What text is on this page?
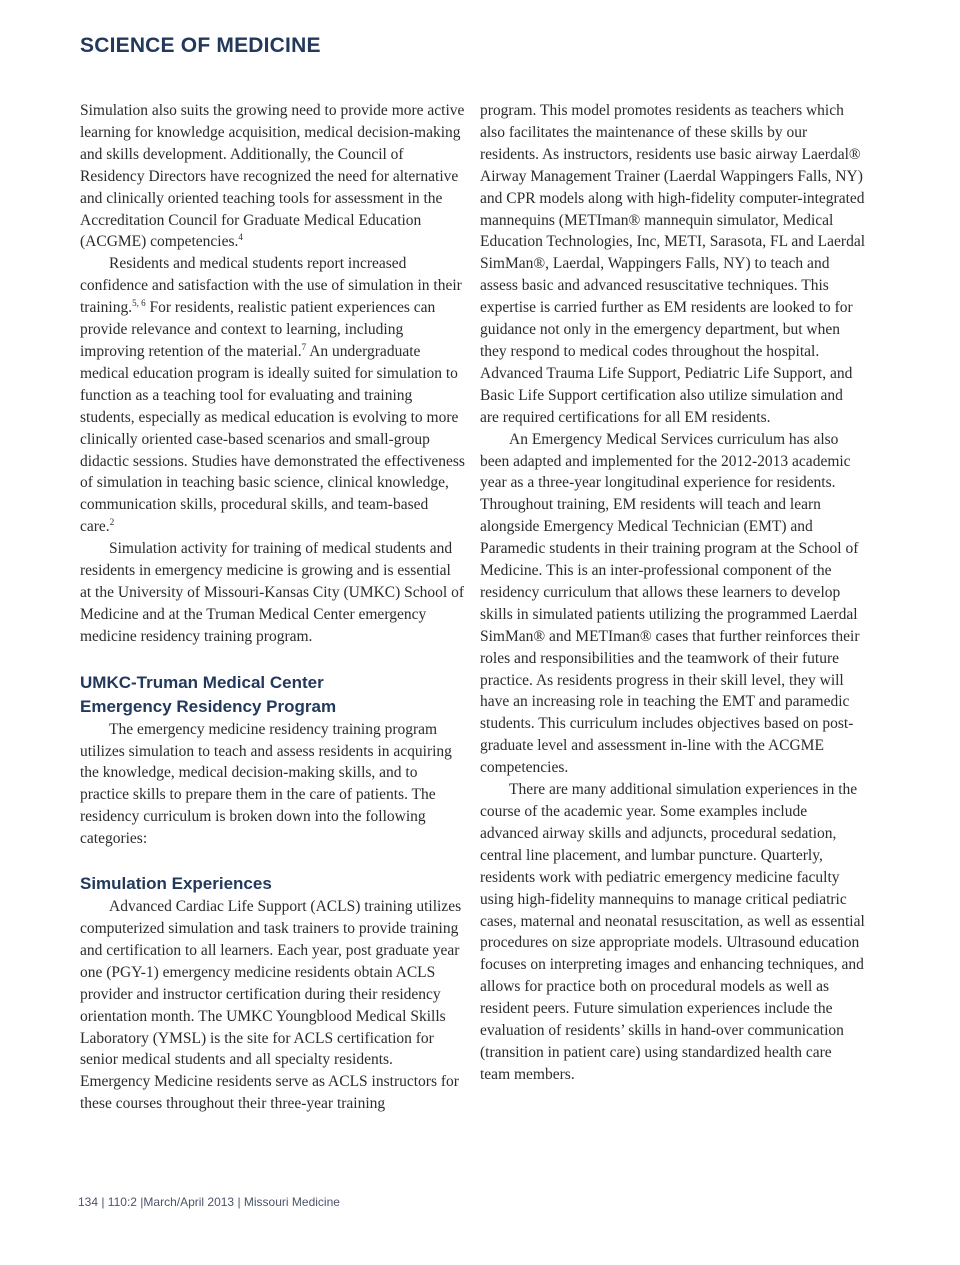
SCIENCE OF MEDICINE

Simulation also suits the growing need to provide more active learning for knowledge acquisition, medical decision-making and skills development. Additionally, the Council of Residency Directors have recognized the need for alternative and clinically oriented teaching tools for assessment in the Accreditation Council for Graduate Medical Education (ACGME) competencies.$^4$

Residents and medical students report increased confidence and satisfaction with the use of simulation in their training.$^{5, 6}$ For residents, realistic patient experiences can provide relevance and context to learning, including improving retention of the material.$^7$ An undergraduate medical education program is ideally suited for simulation to function as a teaching tool for evaluating and training students, especially as medical education is evolving to more clinically oriented case-based scenarios and small-group didactic sessions. Studies have demonstrated the effectiveness of simulation in teaching basic science, clinical knowledge, communication skills, procedural skills, and team-based care.$^2$

Simulation activity for training of medical students and residents in emergency medicine is growing and is essential at the University of Missouri-Kansas City (UMKC) School of Medicine and at the Truman Medical Center emergency medicine residency training program.

UMKC-Truman Medical Center
Emergency Residency Program

The emergency medicine residency training program utilizes simulation to teach and assess residents in acquiring the knowledge, medical decision-making skills, and to practice skills to prepare them in the care of patients. The residency curriculum is broken down into the following categories:

Simulation Experiences

Advanced Cardiac Life Support (ACLS) training utilizes computerized simulation and task trainers to provide training and certification to all learners. Each year, post graduate year one (PGY-1) emergency medicine residents obtain ACLS provider and instructor certification during their residency orientation month. The UMKC Youngblood Medical Skills Laboratory (YMSL) is the site for ACLS certification for senior medical students and all specialty residents. Emergency Medicine residents serve as ACLS instructors for these courses throughout their three-year training

program. This model promotes residents as teachers which also facilitates the maintenance of these skills by our residents. As instructors, residents use basic airway Laerdal® Airway Management Trainer (Laerdal Wappingers Falls, NY) and CPR models along with high-fidelity computer-integrated mannequins (METIman® mannequin simulator, Medical Education Technologies, Inc, METI, Sarasota, FL and Laerdal SimMan®, Laerdal, Wappingers Falls, NY) to teach and assess basic and advanced resuscitative techniques. This expertise is carried further as EM residents are looked to for guidance not only in the emergency department, but when they respond to medical codes throughout the hospital. Advanced Trauma Life Support, Pediatric Life Support, and Basic Life Support certification also utilize simulation and are required certifications for all EM residents.

An Emergency Medical Services curriculum has also been adapted and implemented for the 2012-2013 academic year as a three-year longitudinal experience for residents. Throughout training, EM residents will teach and learn alongside Emergency Medical Technician (EMT) and Paramedic students in their training program at the School of Medicine. This is an inter-professional component of the residency curriculum that allows these learners to develop skills in simulated patients utilizing the programmed Laerdal SimMan® and METIman® cases that further reinforces their roles and responsibilities and the teamwork of their future practice. As residents progress in their skill level, they will have an increasing role in teaching the EMT and paramedic students. This curriculum includes objectives based on post-graduate level and assessment in-line with the ACGME competencies.

There are many additional simulation experiences in the course of the academic year. Some examples include advanced airway skills and adjuncts, procedural sedation, central line placement, and lumbar puncture. Quarterly, residents work with pediatric emergency medicine faculty using high-fidelity mannequins to manage critical pediatric cases, maternal and neonatal resuscitation, as well as essential procedures on size appropriate models. Ultrasound education focuses on interpreting images and enhancing techniques, and allows for practice both on procedural models as well as resident peers. Future simulation experiences include the evaluation of residents’ skills in hand-over communication (transition in patient care) using standardized health care team members.

134 | 110:2 |March/April 2013 | Missouri Medicine
